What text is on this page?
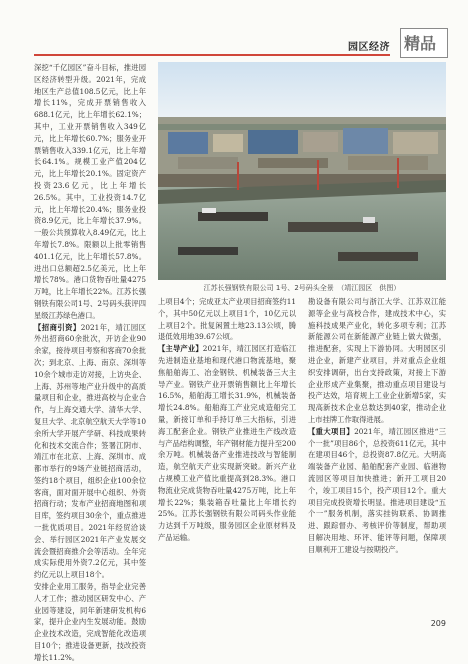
园区经济 精品

深挖“千亿园区”奋斗目标，推进园区经济转型升级。2021年，完成地区生产总值108.5亿元，比上年增长11%，完成开票销售收入688.1亿元，比上年增长62.1%；其中，工业开票销售收入349亿元，比上年增长60.7%；服务业开票销售收入339.1亿元，比上年增长64.1%。规模工业产值204亿元，比上年增长20.1%。固定资产投资23.6亿元，比上年增长26.5%。其中，工业投资14.7亿元，比上年增长20.4%；服务业投资8.9亿元，比上年增长37.9%。一般公共预算收入8.49亿元，比上年增长7.8%。限额以上批零销售401.1亿元，比上年增长57.8%。进出口总额超2.5亿美元，比上年增长78%。港口货物吞吐量4275万吨，比上年增长22%。江苏长强钢铁有限公司1号、2号码头获评四星级江苏绿色港口。

【招商引资】2021年，靖江园区外出招商60余批次，开访企业90余家，接待项目考察和客商70余批次；到北京、上海、南京、深圳等10余个城市走访对接，上访央企、上海、苏州等地产业升级中的高质量项目和企业，推进高校与企业合作，与上海交通大学、清华大学、复旦大学、北京航空航天大学等10余所大学开展产学研、科技成果转化和技术交流合作；签署江阴市、靖江市在北京、上海、深圳市、成都市举行的9场产业链招商活动，签约18个项目，组织企业100余位客商，面对面开展中心组织、外资招商行动；发布产业招商地图和项目库，签约项目30余个，重点推进一批优质项目。2021年经贸洽谈会、举行园区2021年产业发展交流会暨招商推介会等活动。全年完成实际使用外资7.2亿元，其中签约亿元以上项目18个。

安排企业用工服务，指导企业完善人才工作；推动园区研发中心、产业园等建设，同年新建研发机构6家，提升企业内生发展动能。鼓励企业技术改造，完成智能化改造项目10个；推进设备更新，技改投资增长11.2%。

江苏长强钢铁有限公司 1号、2号码头全景　（靖江园区　供图）

上项目4个；完成亚太产业项目招商签约11个，其中50亿元以上项目1个，10亿元以上项目2个。批复闲置土地23.13公顷，腾退低效用地39.67公顷。

【主导产业】2021年，靖江园区打造临江先进制造业基地和现代港口物流基地，聚焦船舶海工、冶金钢铁、机械装备三大主导产业。钢铁产业开票销售额比上年增长16.5%，船舶海工增长31.9%，机械装备增长24.8%。船舶海工产业完成造船完工量，新接订单和手持订单三大指标，引进海工配套企业。钢铁产业推进生产线改造与产品结构调整，年产钢材能力提升至200余万吨。机械装备产业推进技改与智能制造，航空航天产业实现新突破。新兴产业占规模工业产值比重提高到28.3%。港口物流业完成货物吞吐量4275万吨，比上年增长22%；集装箱吞吐量比上年增长约25%。江苏长强钢铁有限公司码头作业能力达到千万吨级，服务园区企业原材料及产品运输。

勘设备有限公司与浙江大学、江苏双江能源等企业与高校合作，建成技术中心，实施科技成果产业化，转化多项专利；江苏新能源公司在新能源产业链上做大做强，推进配套，实现上下游协同。大明园区引进企业，新建产业项目，并对重点企业组织安排调研，出台支持政策，对接上下游企业形成产业集聚，推动重点项目建设与投产达效，培育规上工业企业新增5家，实现高新技术企业总数达到40家，推动企业上市挂牌工作取得进展。

【重大项目】2021年，靖江园区推进“三个一批”项目86个，总投资611亿元，其中在建项目46个，总投资87.8亿元。大明高端装备产业园、船舶配套产业园、临港物流园区等项目加快推进；新开工项目20个，竣工项目15个，投产项目12个。重大项目完成投资增长明显。推进项目建设“五个一”服务机制，落实挂钩联系、协调推进、跟踪督办、考核评价等制度，帮助项目解决用地、环评、能评等问题，保障项目顺利开工建设与按期投产。

209
